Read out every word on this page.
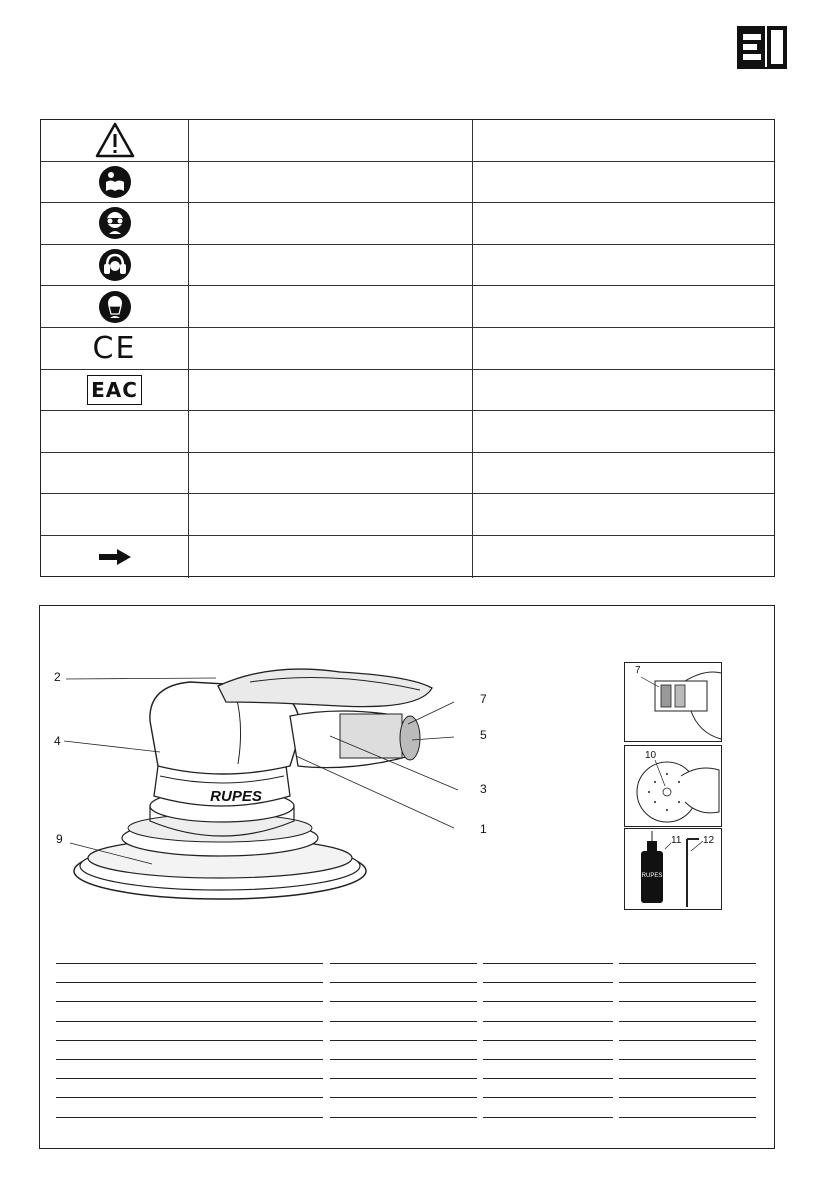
CE
EAC
RUPES
2
7
4	5
3
9
1
7
10
RUPES
11 12
